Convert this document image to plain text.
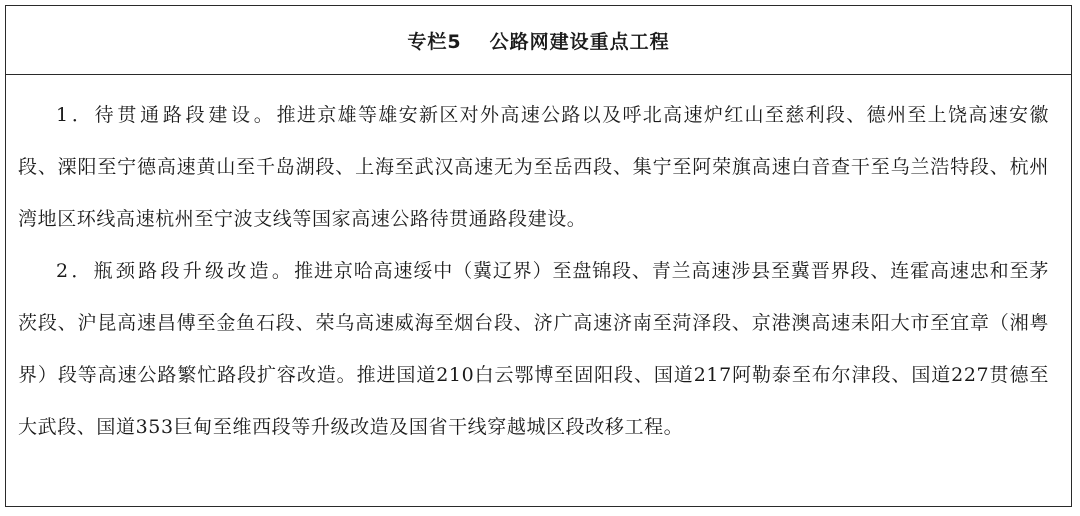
专栏5 公路网建设重点工程

1．待贯通路段建设。推进京雄等雄安新区对外高速公路以及呼北高速炉红山至慈利段、德州至上饶高速安徽段、溧阳至宁德高速黄山至千岛湖段、上海至武汉高速无为至岳西段、集宁至阿荣旗高速白音查干至乌兰浩特段、杭州湾地区环线高速杭州至宁波支线等国家高速公路待贯通路段建设。

2．瓶颈路段升级改造。推进京哈高速绥中（冀辽界）至盘锦段、青兰高速涉县至冀晋界段、连霍高速忠和至茅茨段、沪昆高速昌傅至金鱼石段、荣乌高速威海至烟台段、济广高速济南至菏泽段、京港澳高速耒阳大市至宜章（湘粤界）段等高速公路繁忙路段扩容改造。推进国道210白云鄂博至固阳段、国道217阿勒泰至布尔津段、国道227贯德至大武段、国道353巨甸至维西段等升级改造及国省干线穿越城区段改移工程。
